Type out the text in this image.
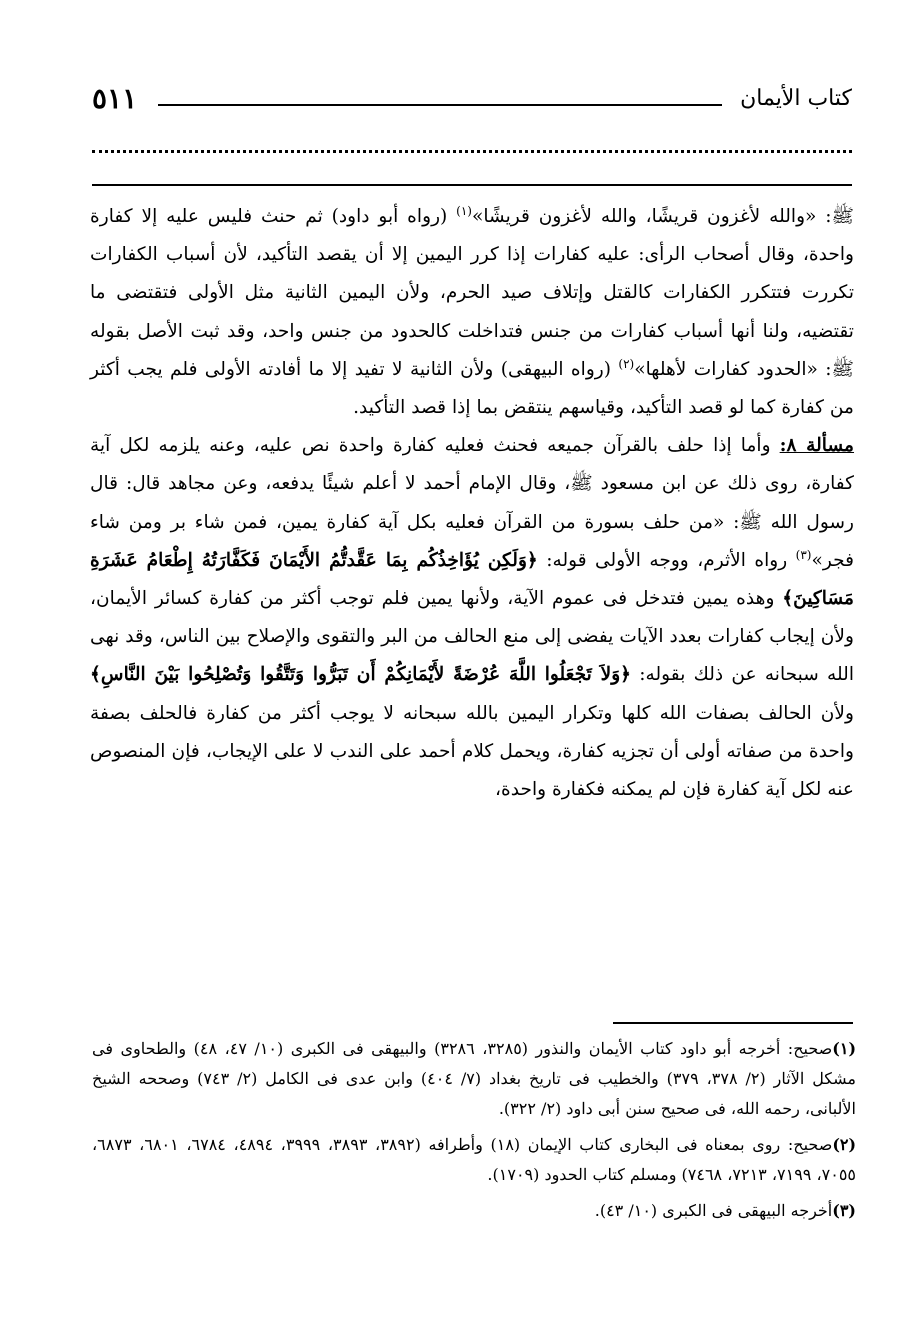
٥١١	كتاب الأيمان

ﷺ: «والله لأغزون قريشًا، والله لأغزون قريشًا»$^{(١)}$ (رواه أبو داود) ثم حنث فليس عليه إلا كفارة واحدة، وقال أصحاب الرأى: عليه كفارات إذا كرر اليمين إلا أن يقصد التأكيد، لأن أسباب الكفارات تكررت فتتكرر الكفارات كالقتل وإتلاف صيد الحرم، ولأن اليمين الثانية مثل الأولى فتقتضى ما تقتضيه، ولنا أنها أسباب كفارات من جنس فتداخلت كالحدود من جنس واحد، وقد ثبت الأصل بقوله ﷺ: «الحدود كفارات لأهلها»$^{(٢)}$ (رواه البيهقى) ولأن الثانية لا تفيد إلا ما أفادته الأولى فلم يجب أكثر من كفارة كما لو قصد التأكيد، وقياسهم ينتقض بما إذا قصد التأكيد.

مسألة ٨: وأما إذا حلف بالقرآن جميعه فحنث فعليه كفارة واحدة نص عليه، وعنه يلزمه لكل آية كفارة، روى ذلك عن ابن مسعود ﷺ، وقال الإمام أحمد لا أعلم شيئًا يدفعه، وعن مجاهد قال: قال رسول الله ﷺ: «من حلف بسورة من القرآن فعليه بكل آية كفارة يمين، فمن شاء بر ومن شاء فجر»$^{(٣)}$ رواه الأثرم، ووجه الأولى قوله: ﴿وَلَكِن يُؤَاخِذُكُم بِمَا عَقَّدتُّمُ الأَيْمَانَ فَكَفَّارَتُهُ إِطْعَامُ عَشَرَةِ مَسَاكِينَ﴾ وهذه يمين فتدخل فى عموم الآية، ولأنها يمين فلم توجب أكثر من كفارة كسائر الأيمان، ولأن إيجاب كفارات بعدد الآيات يفضى إلى منع الحالف من البر والتقوى والإصلاح بين الناس، وقد نهى الله سبحانه عن ذلك بقوله: ﴿وَلاَ تَجْعَلُوا اللَّهَ عُرْضَةً لأَيْمَانِكُمْ أَن تَبَرُّوا وَتَتَّقُوا وَتُصْلِحُوا بَيْنَ النَّاسِ﴾ ولأن الحالف بصفات الله كلها وتكرار اليمين بالله سبحانه لا يوجب أكثر من كفارة فالحلف بصفة واحدة من صفاته أولى أن تجزيه كفارة، ويحمل كلام أحمد على الندب لا على الإيجاب، فإن المنصوص عنه لكل آية كفارة فإن لم يمكنه فكفارة واحدة،

(١)صحيح: أخرجه أبو داود كتاب الأيمان والنذور (٣٢٨٥، ٣٢٨٦) والبيهقى فى الكبرى (١٠/ ٤٧، ٤٨) والطحاوى فى مشكل الآثار (٢/ ٣٧٨، ٣٧٩) والخطيب فى تاريخ بغداد (٧/ ٤٠٤) وابن عدى فى الكامل (٢/ ٧٤٣) وصححه الشيخ الألبانى، رحمه الله، فى صحيح سنن أبى داود (٢/ ٣٢٢).

(٢)صحيح: روى بمعناه فى البخارى كتاب الإيمان (١٨) وأطرافه (٣٨٩٢، ٣٨٩٣، ٣٩٩٩، ٤٨٩٤، ٦٧٨٤، ٦٨٠١، ٦٨٧٣، ٧٠٥٥، ٧١٩٩، ٧٢١٣، ٧٤٦٨) ومسلم كتاب الحدود (١٧٠٩).

(٣)أخرجه البيهقى فى الكبرى (١٠/ ٤٣).
